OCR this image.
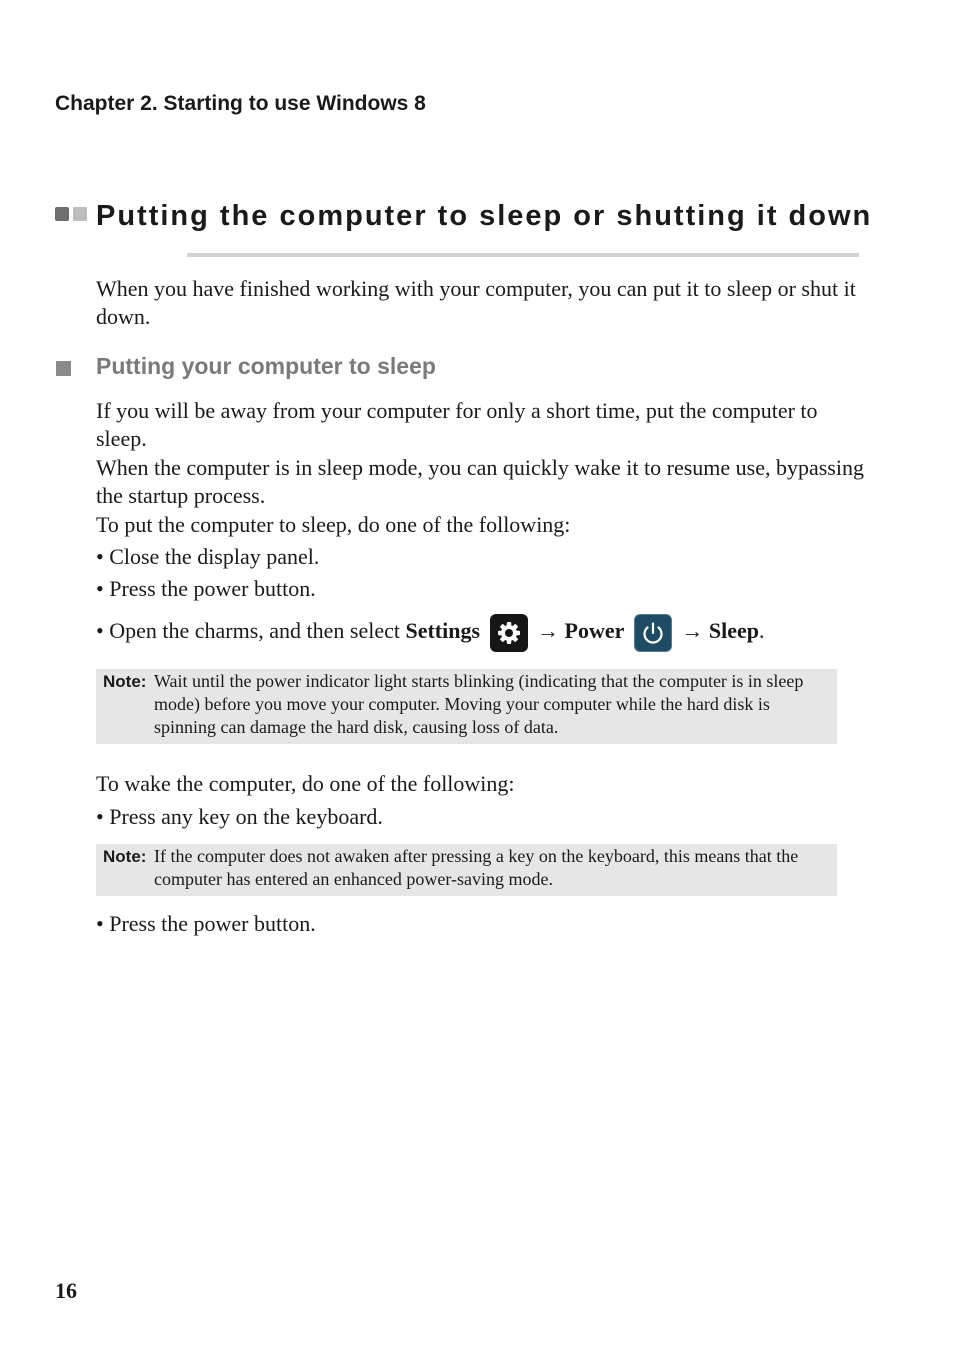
Chapter 2. Starting to use Windows 8
Putting the computer to sleep or shutting it down

When you have finished working with your computer, you can put it to sleep or shut it down.

Putting your computer to sleep

If you will be away from your computer for only a short time, put the computer to sleep.

When the computer is in sleep mode, you can quickly wake it to resume use, bypassing the startup process.

To put the computer to sleep, do one of the following:

• Close the display panel.
• Press the power button.
• Open the charms, and then select Settings
→ Power
→ Sleep.
Note: Wait until the power indicator light starts blinking (indicating that the computer is in sleep mode) before you move your computer. Moving your computer while the hard disk is spinning can damage the hard disk, causing loss of data.

To wake the computer, do one of the following:

• Press any key on the keyboard.
Note: If the computer does not awaken after pressing a key on the keyboard, this means that the computer has entered an enhanced power-saving mode.
• Press the power button.
16
